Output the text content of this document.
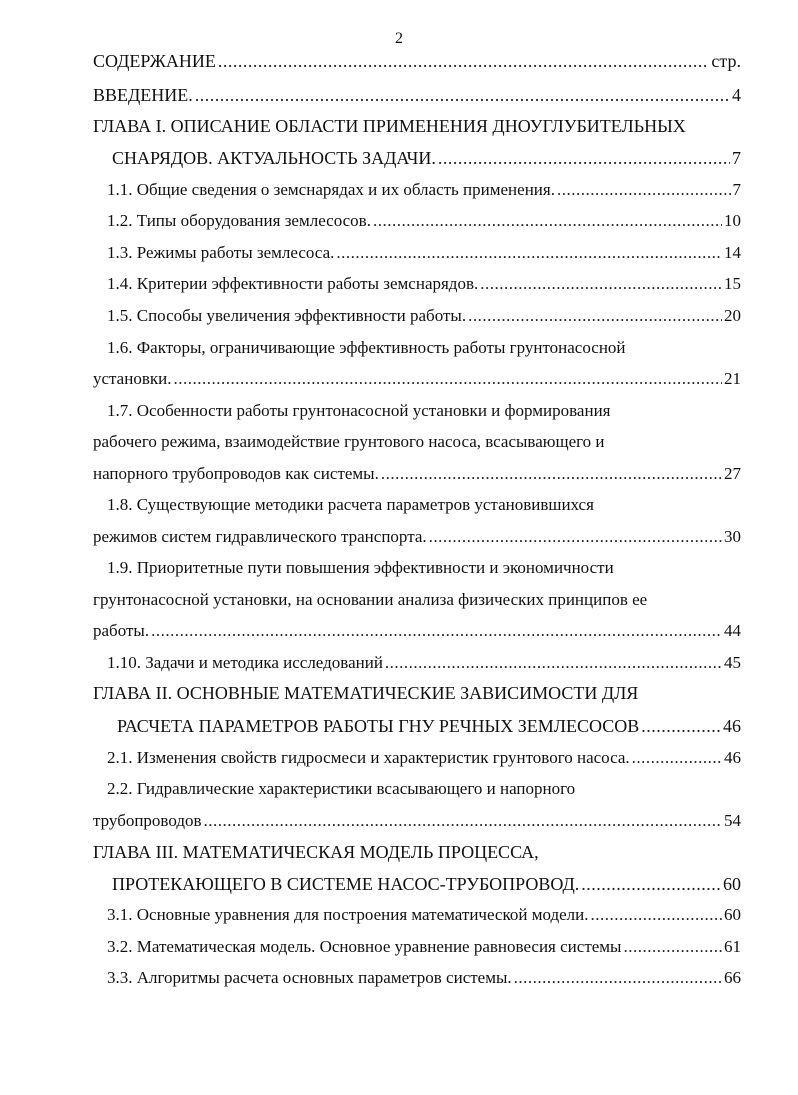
2
СОДЕРЖАНИЕ .....	стр.
ВВЕДЕНИЕ. .....	4
ГЛАВА I. ОПИСАНИЕ ОБЛАСТИ ПРИМЕНЕНИЯ ДНОУГЛУБИТЕЛЬНЫХ
СНАРЯДОВ. АКТУАЛЬНОСТЬ ЗАДАЧИ. .....	7
1.1. Общие сведения о земснарядах и их область применения. .....	7
1.2. Типы оборудования землесосов. .....	10
1.3. Режимы работы землесоса. .....	14
1.4. Критерии эффективности работы земснарядов. .....	15
1.5. Способы увеличения эффективности работы. .....	20
1.6. Факторы, ограничивающие эффективность работы грунтонасосной
установки. .....	21
1.7. Особенности работы грунтонасосной установки и формирования
рабочего режима, взаимодействие грунтового насоса, всасывающего и
напорного трубопроводов как системы. .....	27
1.8. Существующие методики расчета параметров установившихся
режимов систем гидравлического транспорта. .....	30
1.9. Приоритетные пути повышения эффективности и экономичности
грунтонасосной установки, на основании анализа физических принципов ее
работы. .....	44
1.10. Задачи и методика исследований .....	45
ГЛАВА II. ОСНОВНЫЕ МАТЕМАТИЧЕСКИЕ ЗАВИСИМОСТИ ДЛЯ
РАСЧЕТА ПАРАМЕТРОВ РАБОТЫ ГНУ РЕЧНЫХ ЗЕМЛЕСОСОВ .....	46
2.1. Изменения свойств гидросмеси и характеристик грунтового насоса. .....	46
2.2. Гидравлические характеристики всасывающего и напорного
трубопроводов .....	54
ГЛАВА III. МАТЕМАТИЧЕСКАЯ МОДЕЛЬ ПРОЦЕССА,
ПРОТЕКАЮЩЕГО В СИСТЕМЕ НАСОС-ТРУБОПРОВОД. .....	60
3.1. Основные уравнения для построения математической модели. .....	60
3.2. Математическая модель. Основное уравнение равновесия системы .....	61
3.3. Алгоритмы расчета основных параметров системы. .....	66
